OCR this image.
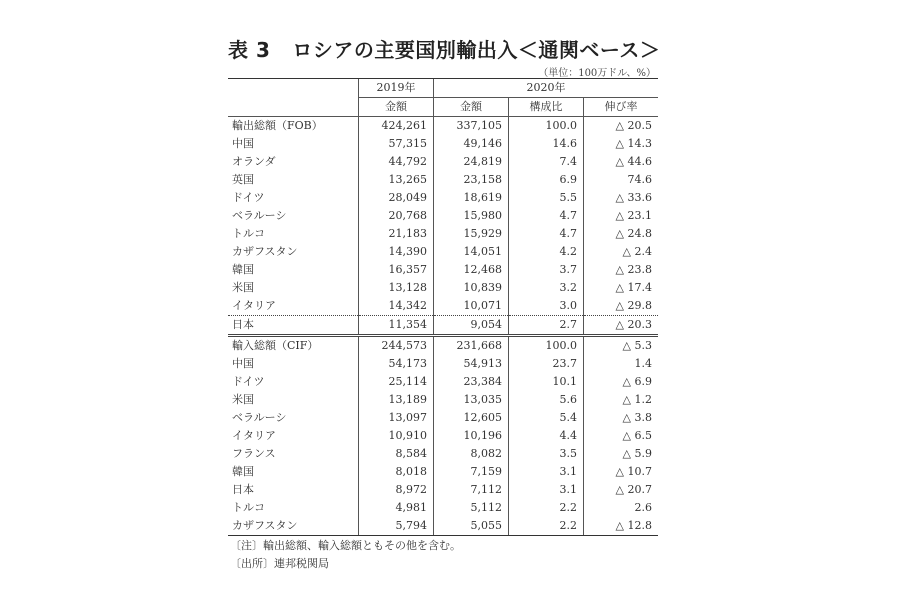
表 3 ロシアの主要国別輸出入＜通関ベース＞
（単位：100万ドル、%）
	2019年	2020年		
	金額	金額	構成比	伸び率
輸出総額（FOB）	424,261	337,105	100.0	△ 20.5
中国	57,315	49,146	14.6	△ 14.3
オランダ	44,792	24,819	7.4	△ 44.6
英国	13,265	23,158	6.9	74.6
ドイツ	28,049	18,619	5.5	△ 33.6
ベラルーシ	20,768	15,980	4.7	△ 23.1
トルコ	21,183	15,929	4.7	△ 24.8
カザフスタン	14,390	14,051	4.2	△ 2.4
韓国	16,357	12,468	3.7	△ 23.8
米国	13,128	10,839	3.2	△ 17.4
イタリア	14,342	10,071	3.0	△ 29.8
日本	11,354	9,054	2.7	△ 20.3
輸入総額（CIF）	244,573	231,668	100.0	△ 5.3
中国	54,173	54,913	23.7	1.4
ドイツ	25,114	23,384	10.1	△ 6.9
米国	13,189	13,035	5.6	△ 1.2
ベラルーシ	13,097	12,605	5.4	△ 3.8
イタリア	10,910	10,196	4.4	△ 6.5
フランス	8,584	8,082	3.5	△ 5.9
韓国	8,018	7,159	3.1	△ 10.7
日本	8,972	7,112	3.1	△ 20.7
トルコ	4,981	5,112	2.2	2.6
カザフスタン	5,794	5,055	2.2	△ 12.8
〔注〕輸出総額、輸入総額ともその他を含む。
〔出所〕連邦税関局
